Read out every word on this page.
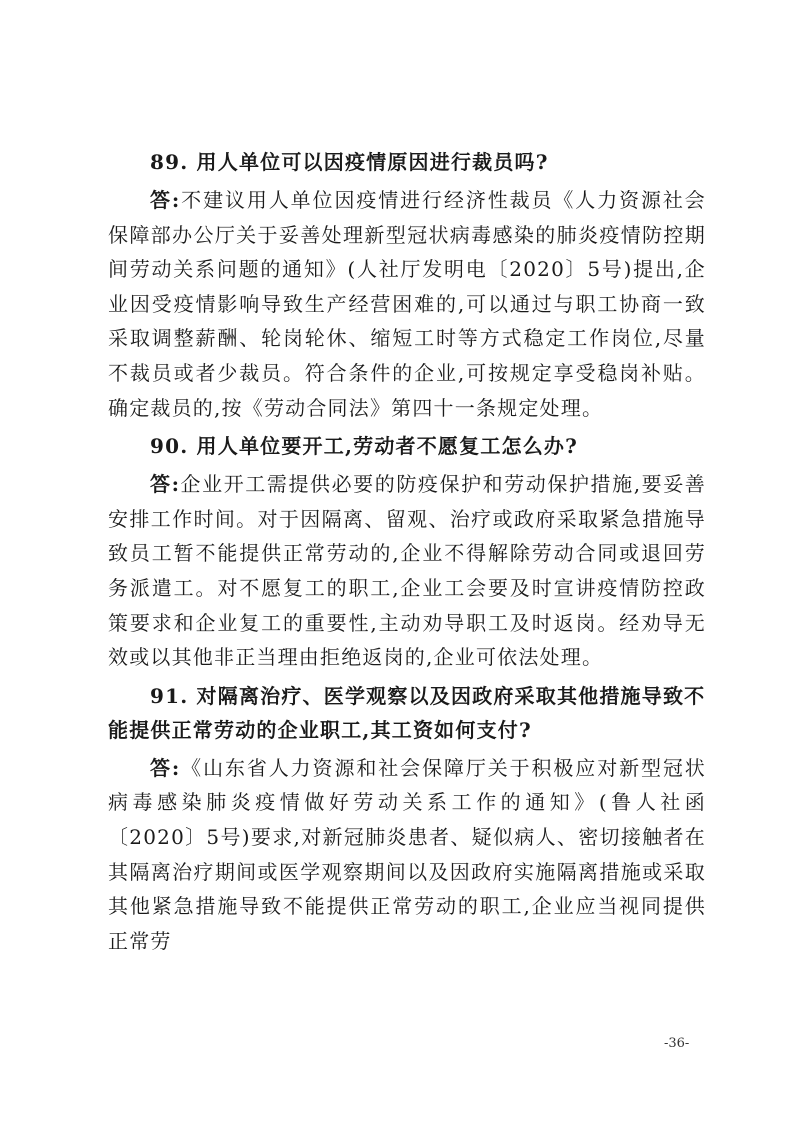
89. 用人单位可以因疫情原因进行裁员吗?

答:不建议用人单位因疫情进行经济性裁员《人力资源社会保障部办公厅关于妥善处理新型冠状病毒感染的肺炎疫情防控期间劳动关系问题的通知》(人社厅发明电〔2020〕5号)提出,企业因受疫情影响导致生产经营困难的,可以通过与职工协商一致采取调整薪酬、轮岗轮休、缩短工时等方式稳定工作岗位,尽量不裁员或者少裁员。符合条件的企业,可按规定享受稳岗补贴。确定裁员的,按《劳动合同法》第四十一条规定处理。

90. 用人单位要开工,劳动者不愿复工怎么办?

答:企业开工需提供必要的防疫保护和劳动保护措施,要妥善安排工作时间。对于因隔离、留观、治疗或政府采取紧急措施导致员工暂不能提供正常劳动的,企业不得解除劳动合同或退回劳务派遣工。对不愿复工的职工,企业工会要及时宣讲疫情防控政策要求和企业复工的重要性,主动劝导职工及时返岗。经劝导无效或以其他非正当理由拒绝返岗的,企业可依法处理。

91. 对隔离治疗、医学观察以及因政府采取其他措施导致不能提供正常劳动的企业职工,其工资如何支付?

答:《山东省人力资源和社会保障厅关于积极应对新型冠状病毒感染肺炎疫情做好劳动关系工作的通知》(鲁人社函〔2020〕5号)要求,对新冠肺炎患者、疑似病人、密切接触者在其隔离治疗期间或医学观察期间以及因政府实施隔离措施或采取其他紧急措施导致不能提供正常劳动的职工,企业应当视同提供正常劳

-36-
